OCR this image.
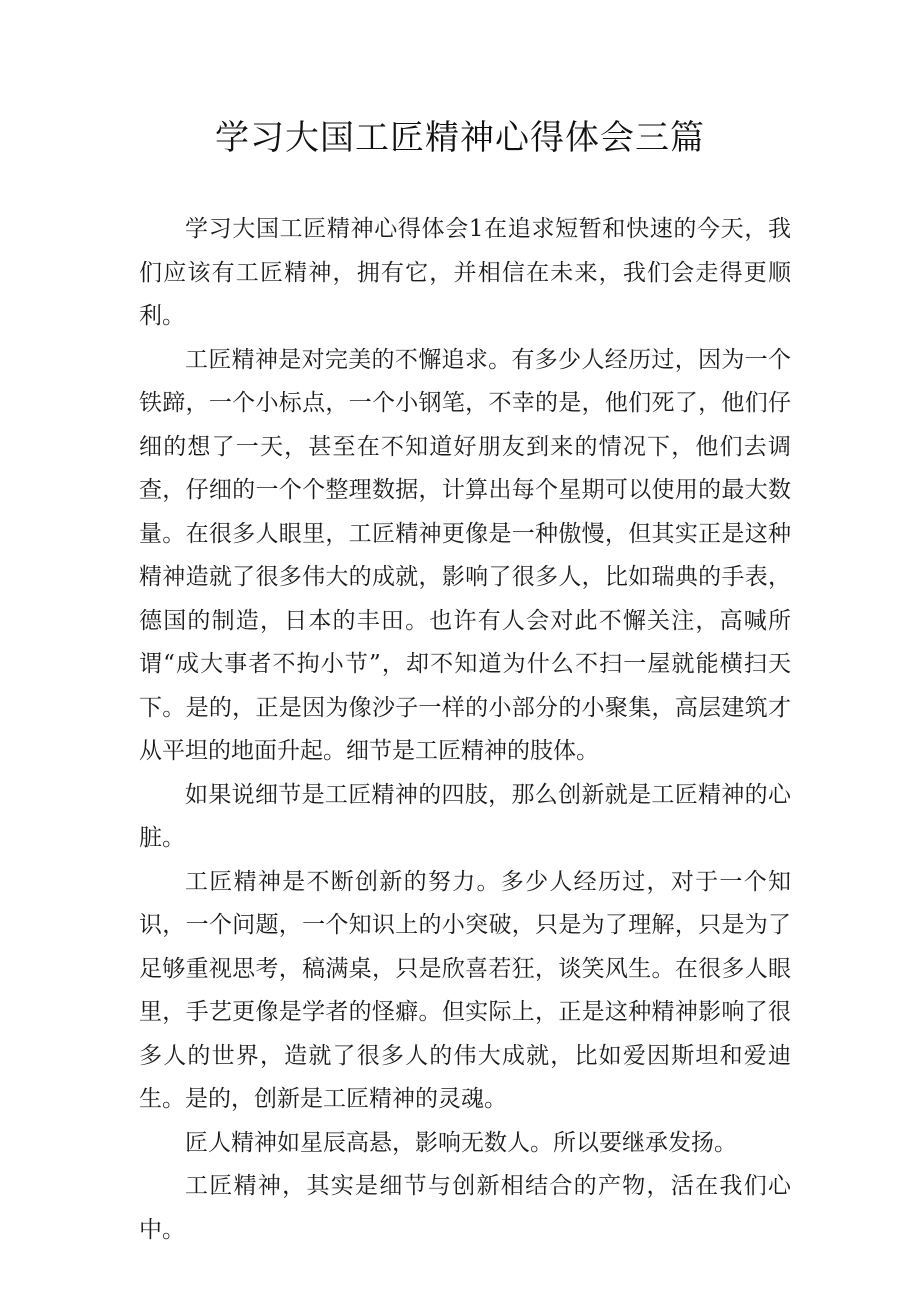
学习大国工匠精神心得体会三篇

学习大国工匠精神心得体会1在追求短暂和快速的今天，我们应该有工匠精神，拥有它，并相信在未来，我们会走得更顺利。

工匠精神是对完美的不懈追求。有多少人经历过，因为一个铁蹄，一个小标点，一个小钢笔，不幸的是，他们死了，他们仔细的想了一天，甚至在不知道好朋友到来的情况下，他们去调查，仔细的一个个整理数据，计算出每个星期可以使用的最大数量。在很多人眼里，工匠精神更像是一种傲慢，但其实正是这种精神造就了很多伟大的成就，影响了很多人，比如瑞典的手表，德国的制造，日本的丰田。也许有人会对此不懈关注，高喊所谓“成大事者不拘小节”，却不知道为什么不扫一屋就能横扫天下。是的，正是因为像沙子一样的小部分的小聚集，高层建筑才从平坦的地面升起。细节是工匠精神的肢体。

如果说细节是工匠精神的四肢，那么创新就是工匠精神的心脏。

工匠精神是不断创新的努力。多少人经历过，对于一个知识，一个问题，一个知识上的小突破，只是为了理解，只是为了足够重视思考，稿满桌，只是欣喜若狂，谈笑风生。在很多人眼里，手艺更像是学者的怪癖。但实际上，正是这种精神影响了很多人的世界，造就了很多人的伟大成就，比如爱因斯坦和爱迪生。是的，创新是工匠精神的灵魂。

匠人精神如星辰高悬，影响无数人。所以要继承发扬。

工匠精神，其实是细节与创新相结合的产物，活在我们心中。
